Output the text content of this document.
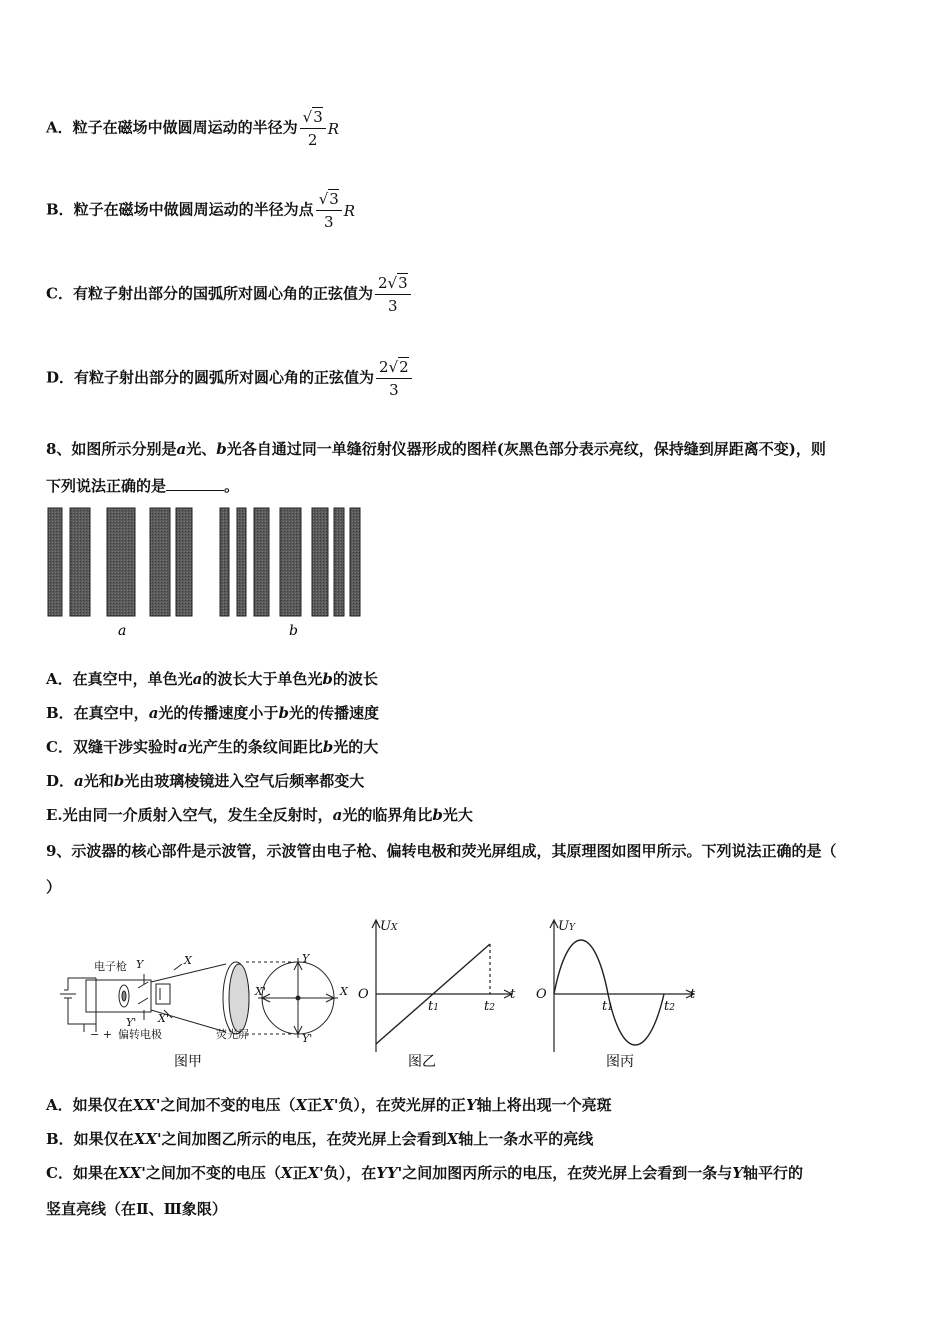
A．粒子在磁场中做圆周运动的半径为 $\frac{√3}{2}$ R
B．粒子在磁场中做圆周运动的半径为点 $\frac{√3}{3}$ R
C．有粒子射出部分的国弧所对圆心角的正弦值为 $\frac{2√3}{3}$
D．有粒子射出部分的圆弧所对圆心角的正弦值为 $\frac{2√2}{3}$
8、如图所示分别是a光、b光各自通过同一单缝衍射仪器形成的图样(灰黑色部分表示亮纹，保持缝到屏距离不变)，则
下列说法正确的是	。
a	b
A．在真空中，单色光a的波长大于单色光b的波长
B．在真空中，a光的传播速度小于b光的传播速度
C．双缝干涉实验时a光产生的条纹间距比b光的大
D．a光和b光由玻璃棱镜进入空气后频率都变大
E.光由同一介质射入空气，发生全反射时，a光的临界角比b光大
9、示波器的核心部件是示波管，示波管由电子枪、偏转电极和荧光屏组成，其原理图如图甲所示。下列说法正确的是（
）
电子枪 Y	X
Y' X'
− + 偏转电极	荧光屏
Y
Y'
X'	X
图甲
UX
O
t1	t2
t
图乙
UY
O
t1	t2
t
图丙
A．如果仅在XX'之间加不变的电压（X正X'负），在荧光屏的正Y轴上将出现一个亮斑
B．如果仅在XX'之间加图乙所示的电压，在荧光屏上会看到X轴上一条水平的亮线
C．如果在XX'之间加不变的电压（X正X'负），在YY'之间加图丙所示的电压，在荧光屏上会看到一条与Y轴平行的
竖直亮线（在Ⅱ、Ⅲ象限）
